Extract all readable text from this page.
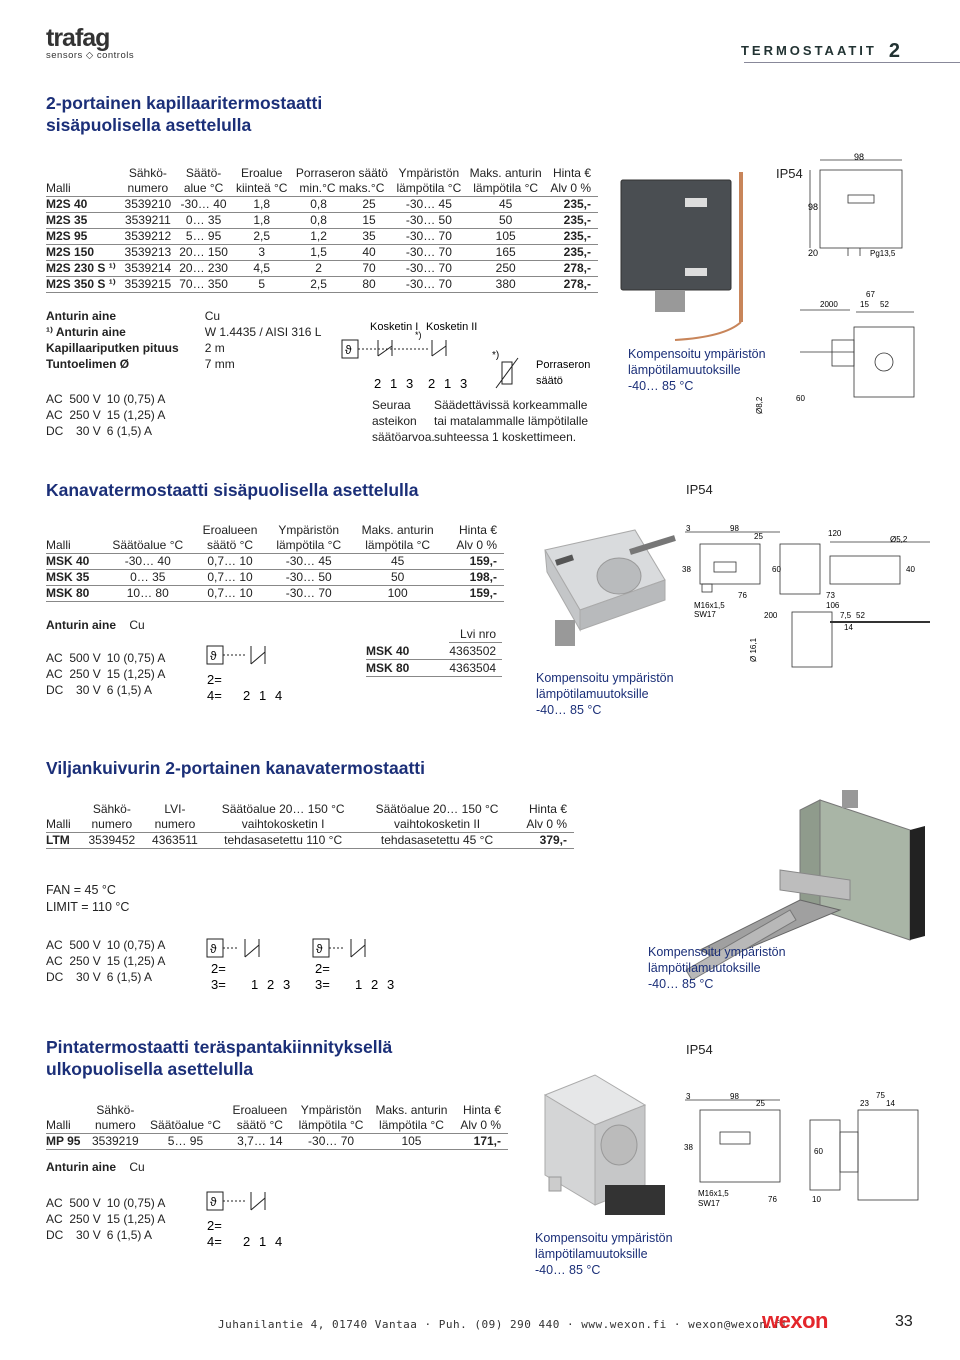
trafag
sensors ◇ controls	TERMOSTAATIT 2
2-portainen kapillaaritermostaatti
sisäpuolisella asettelulla
	Sähkö-	Säätö-	Eroalue	Porraseron säätö		Ympäristön	Maks. anturin	Hinta €
Malli	numero	alue °C	kiinteä °C	min.°C maks.°C		lämpötila °C	lämpötila °C	Alv 0 %
M2S 40	3539210	-30… 40	1,8	0,8	25	-30… 45	45	235,-
M2S 35	3539211	0… 35	1,8	0,8	15	-30… 50	50	235,-
M2S 95	3539212	5… 95	2,5	1,2	35	-30… 70	105	235,-
M2S 150	3539213	20… 150	3	1,5	40	-30… 70	165	235,-
M2S 230 S ¹⁾	3539214	20… 230	4,5	2	70	-30… 70	250	278,-
M2S 350 S ¹⁾	3539215	70… 350	5	2,5	80	-30… 70	380	278,-
Anturin aine	Cu
¹⁾ Anturin aine	W 1.4435 / AISI 316 L
Kapillaariputken pituus	2 m
Tuntoelimen Ø	7 mm
AC	500 V	10 (0,75) A
AC	250 V	15 (1,25) A
DC	30 V	6 (1,5) A
Kosketin I Kosketin II
ϑ
*)
2 1 3 2 1 3
*)
Porraseron
säätö
Seuraa
asteikon
säätöarvoa.
Säädettävissä korkeammalle
tai matalammalle lämpötilalle
suhteessa 1 koskettimeen.
IP54
98
98
20	Pg13,5
2000	15 52
67
60
Ø8,2
Kompensoitu ympäristön
lämpötilamuutoksille
-40… 85 °C
Kanavatermostaatti sisäpuolisella asettelulla	IP54
		Eroalueen	Ympäristön	Maks. anturin	Hinta €
Malli	Säätöalue °C	säätö °C	lämpötila °C	lämpötila °C	Alv 0 %
MSK 40	-30… 40	0,7… 10	-30… 45	45	159,-
MSK 35	0… 35	0,7… 10	-30… 50	50	198,-
MSK 80	10… 80	0,7… 10	-30… 70	100	159,-
Anturin aine Cu
AC	500 V	10 (0,75) A
AC	250 V	15 (1,25) A
DC	30 V	6 (1,5) A
ϑ
2=
4= 2 1 4
	Lvi nro
MSK 40	4363502
MSK 80	4363504
3	98
25	120
Ø5,2
38	60	40
76	73
M16x1,5
SW17	200
106
7,5 52
14
Ø 16,1
Kompensoitu ympäristön
lämpötilamuutoksille
-40… 85 °C
Viljankuivurin 2-portainen kanavatermostaatti
	Sähkö-	LVI-	Säätöalue 20… 150 °C	Säätöalue 20… 150 °C	Hinta €
Malli	numero	numero	vaihtokosketin I	vaihtokosketin II	Alv 0 %
LTM	3539452	4363511	tehdasasetettu 110 °C	tehdasasetettu 45 °C	379,-
FAN = 45 °C
LIMIT = 110 °C
AC	500 V	10 (0,75) A
AC	250 V	15 (1,25) A
DC	30 V	6 (1,5) A
ϑ
2=
3= 1 2 3
ϑ
2=
3= 1 2 3
Kompensoitu ympäristön
lämpötilamuutoksille
-40… 85 °C
Pintatermostaatti teräspantakiinnityksellä
ulkopuolisella asettelulla
IP54
	Sähkö-		Eroalueen	Ympäristön	Maks. anturin	Hinta €
Malli	numero	Säätöalue °C	säätö °C	lämpötila °C	lämpötila °C	Alv 0 %
MP 95	3539219	5… 95	3,7… 14	-30… 70	105	171,-
Anturin aine Cu
AC	500 V	10 (0,75) A
AC	250 V	15 (1,25) A
DC	30 V	6 (1,5) A
ϑ
2=
4= 2 1 4
3	98
25
75
23 14
38	60
M16x1,5
SW17	76	10
Kompensoitu ympäristön
lämpötilamuutoksille
-40… 85 °C
Juhanilantie 4, 01740 Vantaa · Puh. (09) 290 440 · www.wexon.fi · wexon@wexon.fi
wexon	33
